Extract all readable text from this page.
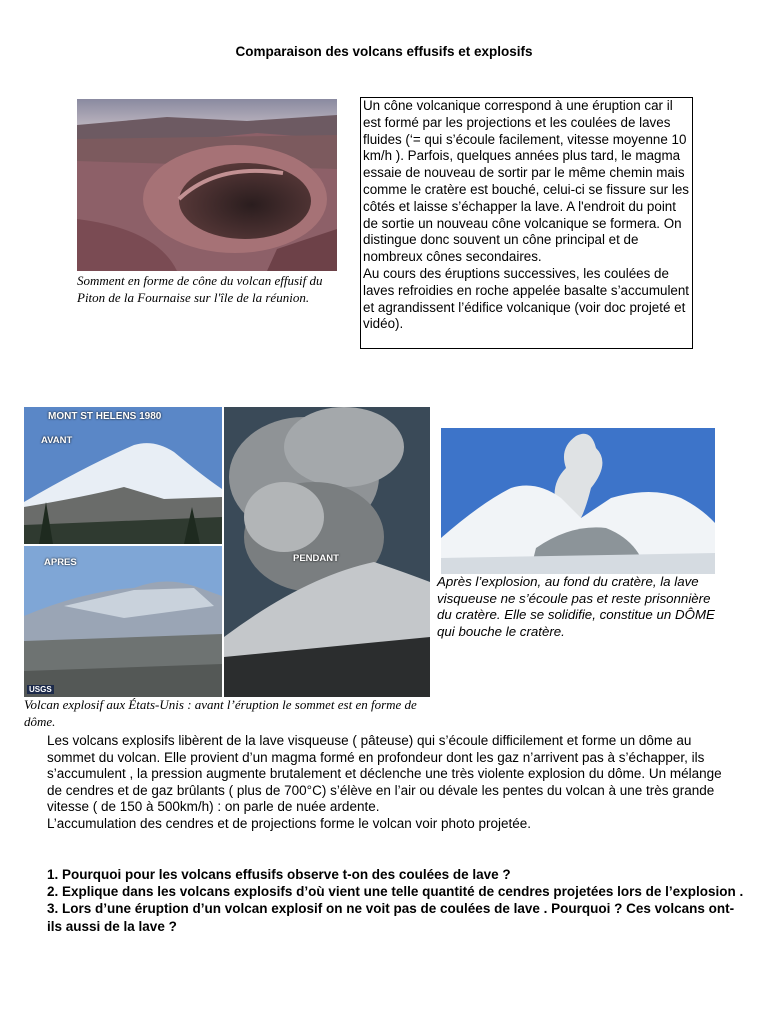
Comparaison des volcans effusifs et explosifs
Somment en forme de cône du volcan effusif du Piton de la Fournaise sur l'île de la réunion.

Un cône volcanique correspond à une éruption car il est formé par les projections et les coulées de laves fluides (‘= qui s’écoule facilement, vitesse moyenne 10 km/h ). Parfois, quelques années plus tard, le magma essaie de nouveau de sortir par le même chemin mais comme le cratère est bouché, celui-ci se fissure sur les côtés et laisse s’échapper la lave. A l'endroit du point de sortie un nouveau cône volcanique se formera. On distingue donc souvent un cône principal et de nombreux cônes secondaires.

Au cours des éruptions successives, les coulées de laves refroidies en roche appelée basalte s’accumulent et agrandissent l’édifice volcanique (voir doc projeté et vidéo).

MONT ST HELENS 1980
AVANT
APRES	PENDANT
USGS
Volcan explosif aux États-Unis : avant l’éruption le sommet est en forme de dôme.
Après l’explosion, au fond du cratère, la lave visqueuse ne s’écoule pas et reste prisonnière du cratère. Elle se solidifie, constitue un DÔME qui bouche le cratère.

Les volcans explosifs libèrent de la lave visqueuse ( pâteuse) qui s’écoule difficilement et forme un dôme au sommet du volcan. Elle provient d’un magma formé en profondeur dont les gaz n’arrivent pas à s’échapper, ils s’accumulent , la pression augmente brutalement et déclenche une très violente explosion du dôme. Un mélange de cendres et de gaz brûlants ( plus de 700°C) s’élève en l’air ou dévale les pentes du volcan à une très grande vitesse ( de 150 à 500km/h) : on parle de nuée ardente.

L’accumulation des cendres et de projections forme le volcan voir photo projetée.

1. Pourquoi pour les volcans effusifs observe t-on des coulées de lave ?

2. Explique dans les volcans explosifs d’où vient une telle quantité de cendres projetées lors de l’explosion .

3. Lors d’une éruption d’un volcan explosif on ne voit pas de coulées de lave . Pourquoi ? Ces volcans ont-ils aussi de la lave ?
